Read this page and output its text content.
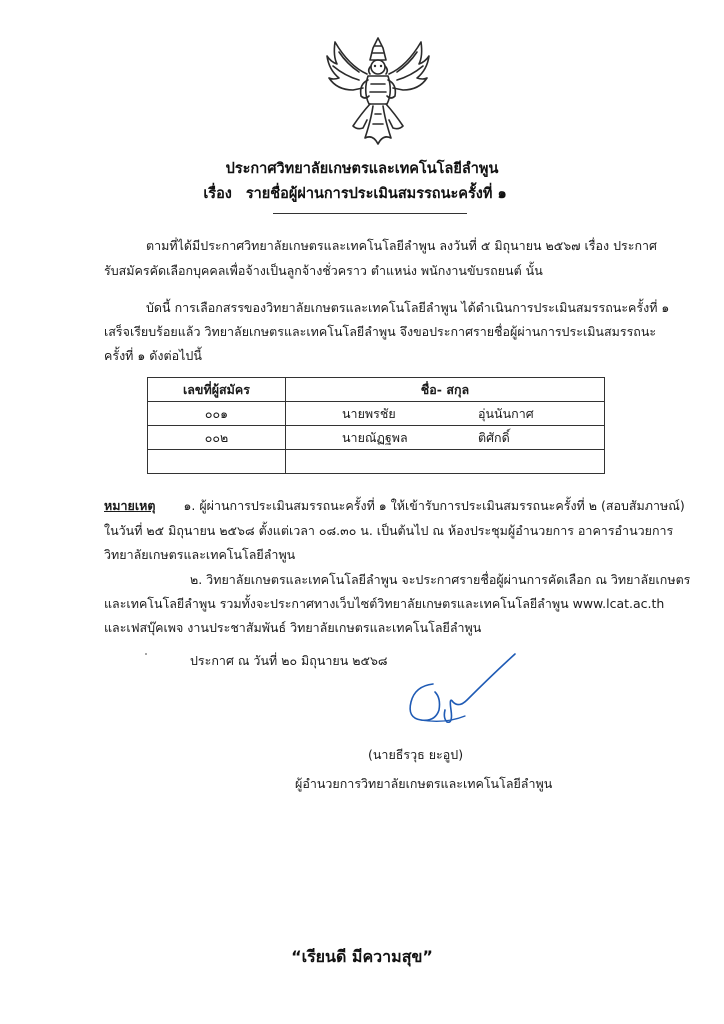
ประกาศวิทยาลัยเกษตรและเทคโนโลยีลำพูน
เรื่อง รายชื่อผู้ผ่านการประเมินสมรรถนะครั้งที่ ๑
ตามที่ได้มีประกาศวิทยาลัยเกษตรและเทคโนโลยีลำพูน ลงวันที่ ๕ มิถุนายน ๒๕๖๗ เรื่อง ประกาศ
รับสมัครคัดเลือกบุคคลเพื่อจ้างเป็นลูกจ้างชั่วคราว ตำแหน่ง พนักงานขับรถยนต์ นั้น
บัดนี้ การเลือกสรรของวิทยาลัยเกษตรและเทคโนโลยีลำพูน ได้ดำเนินการประเมินสมรรถนะครั้งที่ ๑
เสร็จเรียบร้อยแล้ว วิทยาลัยเกษตรและเทคโนโลยีลำพูน จึงขอประกาศรายชื่อผู้ผ่านการประเมินสมรรถนะ
ครั้งที่ ๑ ดังต่อไปนี้
เลขที่ผู้สมัคร	ชื่อ- สกุล
๐๐๑	นายพรชัย อุ่นนันกาศ
๐๐๒	นายณัฏฐพล ติศักดิ์

หมายเหตุ ๑. ผู้ผ่านการประเมินสมรรถนะครั้งที่ ๑ ให้เข้ารับการประเมินสมรรถนะครั้งที่ ๒ (สอบสัมภาษณ์)
ในวันที่ ๒๕ มิถุนายน ๒๕๖๘ ตั้งแต่เวลา ๐๘.๓๐ น. เป็นต้นไป ณ ห้องประชุมผู้อำนวยการ อาคารอำนวยการ
วิทยาลัยเกษตรและเทคโนโลยีลำพูน
๒. วิทยาลัยเกษตรและเทคโนโลยีลำพูน จะประกาศรายชื่อผู้ผ่านการคัดเลือก ณ วิทยาลัยเกษตร
และเทคโนโลยีลำพูน รวมทั้งจะประกาศทางเว็บไซต์วิทยาลัยเกษตรและเทคโนโลยีลำพูน www.lcat.ac.th
และเฟสบุ๊คเพจ งานประชาสัมพันธ์ วิทยาลัยเกษตรและเทคโนโลยีลำพูน
ประกาศ ณ วันที่ ๒๐ มิถุนายน ๒๕๖๘
(นายธีรวุธ ยะอูป)
ผู้อำนวยการวิทยาลัยเกษตรและเทคโนโลยีลำพูน
“เรียนดี มีความสุข”
